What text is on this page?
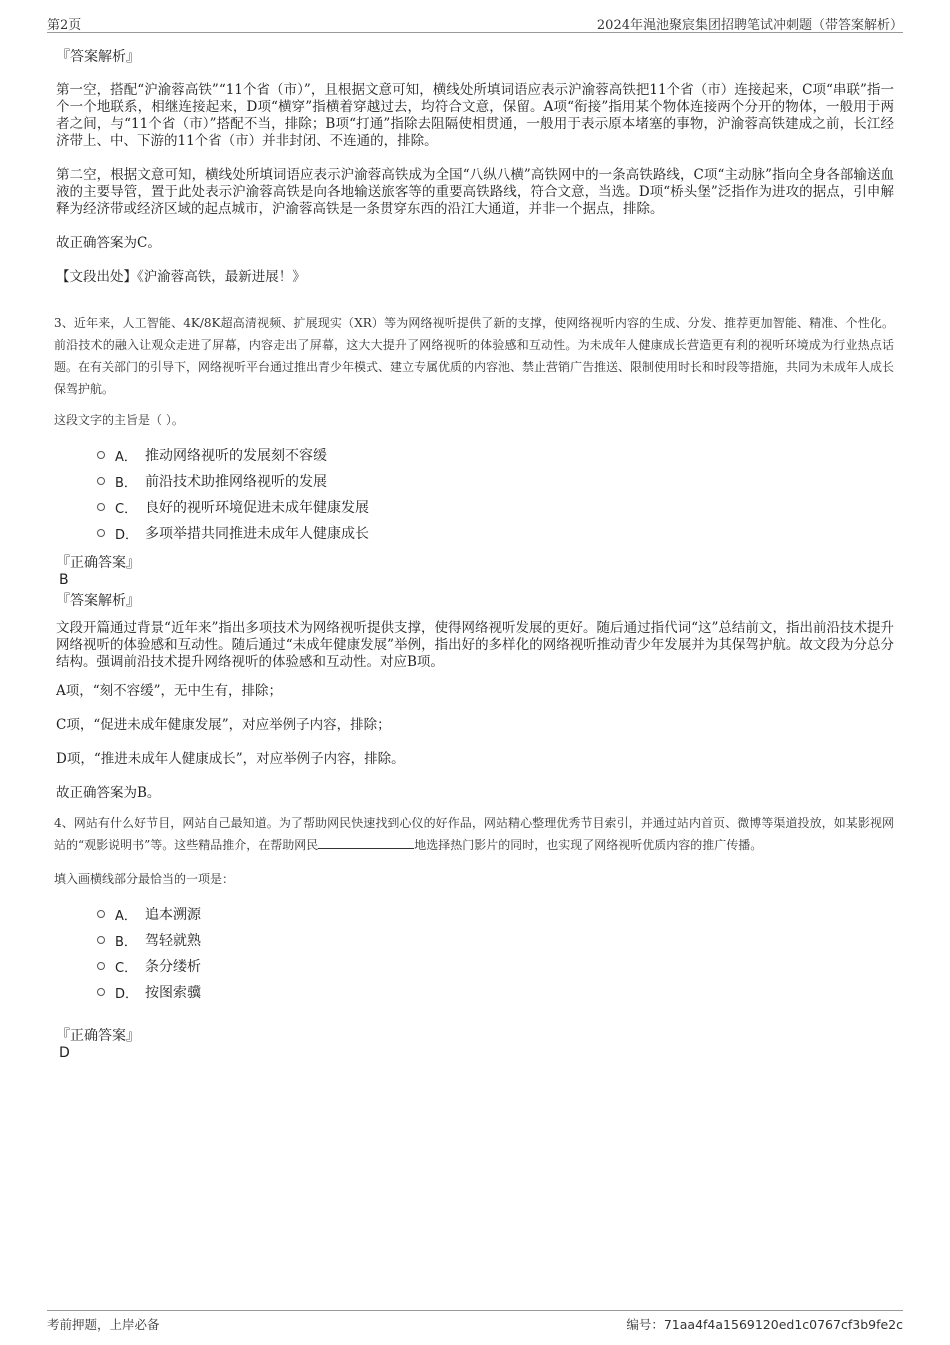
第2页	2024年渑池聚宸集团招聘笔试冲刺题（带答案解析）

『答案解析』

第一空，搭配“沪渝蓉高铁”“11个省（市）”，且根据文意可知，横线处所填词语应表示沪渝蓉高铁把11个省（市）连接起来，C项“串联”指一个一个地联系，相继连接起来，D项“横穿”指横着穿越过去，均符合文意，保留。A项“衔接”指用某个物体连接两个分开的物体，一般用于两者之间，与“11个省（市）”搭配不当，排除；B项“打通”指除去阻隔使相贯通，一般用于表示原本堵塞的事物，沪渝蓉高铁建成之前，长江经济带上、中、下游的11个省（市）并非封闭、不连通的，排除。

第二空，根据文意可知，横线处所填词语应表示沪渝蓉高铁成为全国“八纵八横”高铁网中的一条高铁路线，C项“主动脉”指向全身各部输送血液的主要导管，置于此处表示沪渝蓉高铁是向各地输送旅客等的重要高铁路线，符合文意，当选。D项“桥头堡”泛指作为进攻的据点，引申解释为经济带或经济区域的起点城市，沪渝蓉高铁是一条贯穿东西的沿江大通道，并非一个据点，排除。

故正确答案为C。

【文段出处】《沪渝蓉高铁，最新进展！》

3、近年来，人工智能、4K/8K超高清视频、扩展现实（XR）等为网络视听提供了新的支撑，使网络视听内容的生成、分发、推荐更加智能、精准、个性化。前沿技术的融入让观众走进了屏幕，内容走出了屏幕，这大大提升了网络视听的体验感和互动性。为未成年人健康成长营造更有利的视听环境成为行业热点话题。在有关部门的引导下，网络视听平台通过推出青少年模式、建立专属优质的内容池、禁止营销广告推送、限制使用时长和时段等措施，共同为未成年人成长保驾护航。

这段文字的主旨是（ ）。

A． 推动网络视听的发展刻不容缓
B． 前沿技术助推网络视听的发展
C． 良好的视听环境促进未成年健康发展
D． 多项举措共同推进未成年人健康成长

『正确答案』

B

『答案解析』

文段开篇通过背景“近年来”指出多项技术为网络视听提供支撑，使得网络视听发展的更好。随后通过指代词“这”总结前文，指出前沿技术提升网络视听的体验感和互动性。随后通过“未成年健康发展”举例，指出好的多样化的网络视听推动青少年发展并为其保驾护航。故文段为分总分结构。强调前沿技术提升网络视听的体验感和互动性。对应B项。

A项，“刻不容缓”，无中生有，排除；

C项，“促进未成年健康发展”，对应举例子内容，排除；

D项，“推进未成年人健康成长”，对应举例子内容，排除。

故正确答案为B。

4、网站有什么好节目，网站自己最知道。为了帮助网民快速找到心仪的好作品，网站精心整理优秀节目索引，并通过站内首页、微博等渠道投放，如某影视网站的“观影说明书”等。这些精品推介，在帮助网民	地选择热门影片的同时，也实现了网络视听优质内容的推广传播。

填入画横线部分最恰当的一项是：

A． 追本溯源
B． 驾轻就熟
C． 条分缕析
D． 按图索骥

『正确答案』

D

考前押题，上岸必备	编号：71aa4f4a1569120ed1c0767cf3b9fe2c
